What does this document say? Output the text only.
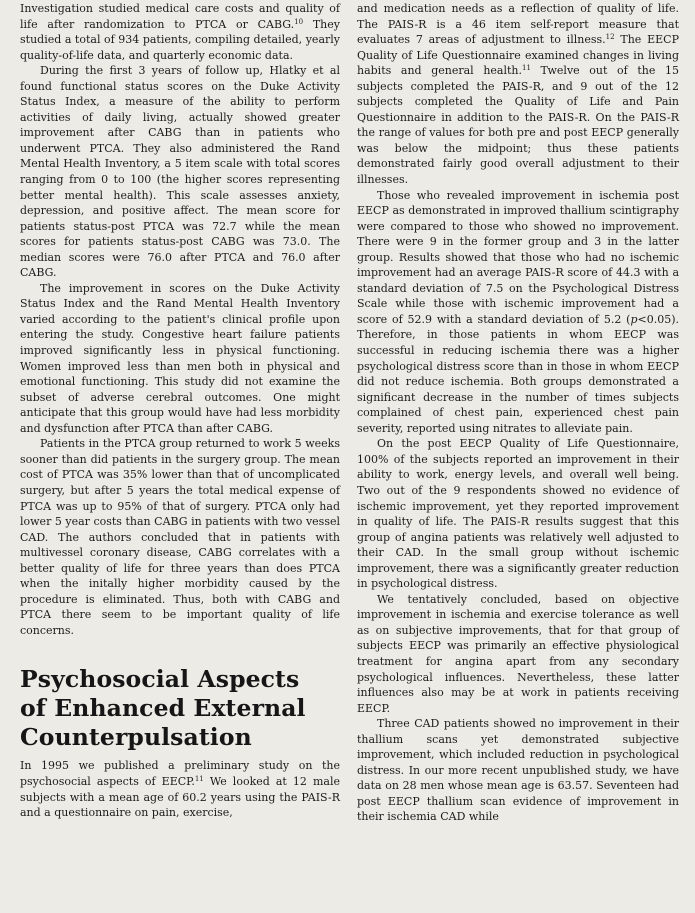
Investigation studied medical care costs and quality of life after randomization to PTCA or CABG.$^{10}$ They studied a total of 934 patients, compiling detailed, yearly quality-of-life data, and quarterly economic data.

During the first 3 years of follow up, Hlatky et al found functional status scores on the Duke Activity Status Index, a measure of the ability to perform activities of daily living, actually showed greater improvement after CABG than in patients who underwent PTCA. They also administered the Rand Mental Health Inventory, a 5 item scale with total scores ranging from 0 to 100 (the higher scores representing better mental health). This scale assesses anxiety, depression, and positive affect. The mean score for patients status-post PTCA was 72.7 while the mean scores for patients status-post CABG was 73.0. The median scores were 76.0 after PTCA and 76.0 after CABG.

The improvement in scores on the Duke Activity Status Index and the Rand Mental Health Inventory varied according to the patient's clinical profile upon entering the study. Congestive heart failure patients improved significantly less in physical functioning. Women improved less than men both in physical and emotional functioning. This study did not examine the subset of adverse cerebral outcomes. One might anticipate that this group would have had less morbidity and dysfunction after PTCA than after CABG.

Patients in the PTCA group returned to work 5 weeks sooner than did patients in the surgery group. The mean cost of PTCA was 35% lower than that of uncomplicated surgery, but after 5 years the total medical expense of PTCA was up to 95% of that of surgery. PTCA only had lower 5 year costs than CABG in patients with two vessel CAD. The authors concluded that in patients with multivessel coronary disease, CABG correlates with a better quality of life for three years than does PTCA when the initally higher morbidity caused by the procedure is eliminated. Thus, both with CABG and PTCA there seem to be important quality of life concerns.

Psychosocial Aspects
of Enhanced External
Counterpulsation

In 1995 we published a preliminary study on the psychosocial aspects of EECP.$^{11}$ We looked at 12 male subjects with a mean age of 60.2 years using the PAIS-R and a questionnaire on pain, exercise,

and medication needs as a reflection of quality of life. The PAIS-R is a 46 item self-report measure that evaluates 7 areas of adjustment to illness.$^{12}$ The EECP Quality of Life Questionnaire examined changes in living habits and general health.$^{11}$ Twelve out of the 15 subjects completed the PAIS-R, and 9 out of the 12 subjects completed the Quality of Life and Pain Questionnaire in addition to the PAIS-R. On the PAIS-R the range of values for both pre and post EECP generally was below the midpoint; thus these patients demonstrated fairly good overall adjustment to their illnesses.

Those who revealed improvement in ischemia post EECP as demonstrated in improved thallium scintigraphy were compared to those who showed no improvement. There were 9 in the former group and 3 in the latter group. Results showed that those who had no ischemic improvement had an average PAIS-R score of 44.3 with a standard deviation of 7.5 on the Psychological Distress Scale while those with ischemic improvement had a score of 52.9 with a standard deviation of 5.2 (p<0.05). Therefore, in those patients in whom EECP was successful in reducing ischemia there was a higher psychological distress score than in those in whom EECP did not reduce ischemia. Both groups demonstrated a significant decrease in the number of times subjects complained of chest pain, experienced chest pain severity, reported using nitrates to alleviate pain.

On the post EECP Quality of Life Questionnaire, 100% of the subjects reported an improvement in their ability to work, energy levels, and overall well being. Two out of the 9 respondents showed no evidence of ischemic improvement, yet they reported improvement in quality of life. The PAIS-R results suggest that this group of angina patients was relatively well adjusted to their CAD. In the small group without ischemic improvement, there was a significantly greater reduction in psychological distress.

We tentatively concluded, based on objective improvement in ischemia and exercise tolerance as well as on subjective improvements, that for that group of subjects EECP was primarily an effective physiological treatment for angina apart from any secondary psychological influences. Nevertheless, these latter influences also may be at work in patients receiving EECP.

Three CAD patients showed no improvement in their thallium scans yet demonstrated subjective improvement, which included reduction in psychological distress. In our more recent unpublished study, we have data on 28 men whose mean age is 63.57. Seventeen had post EECP thallium scan evidence of improvement in their ischemia CAD while
